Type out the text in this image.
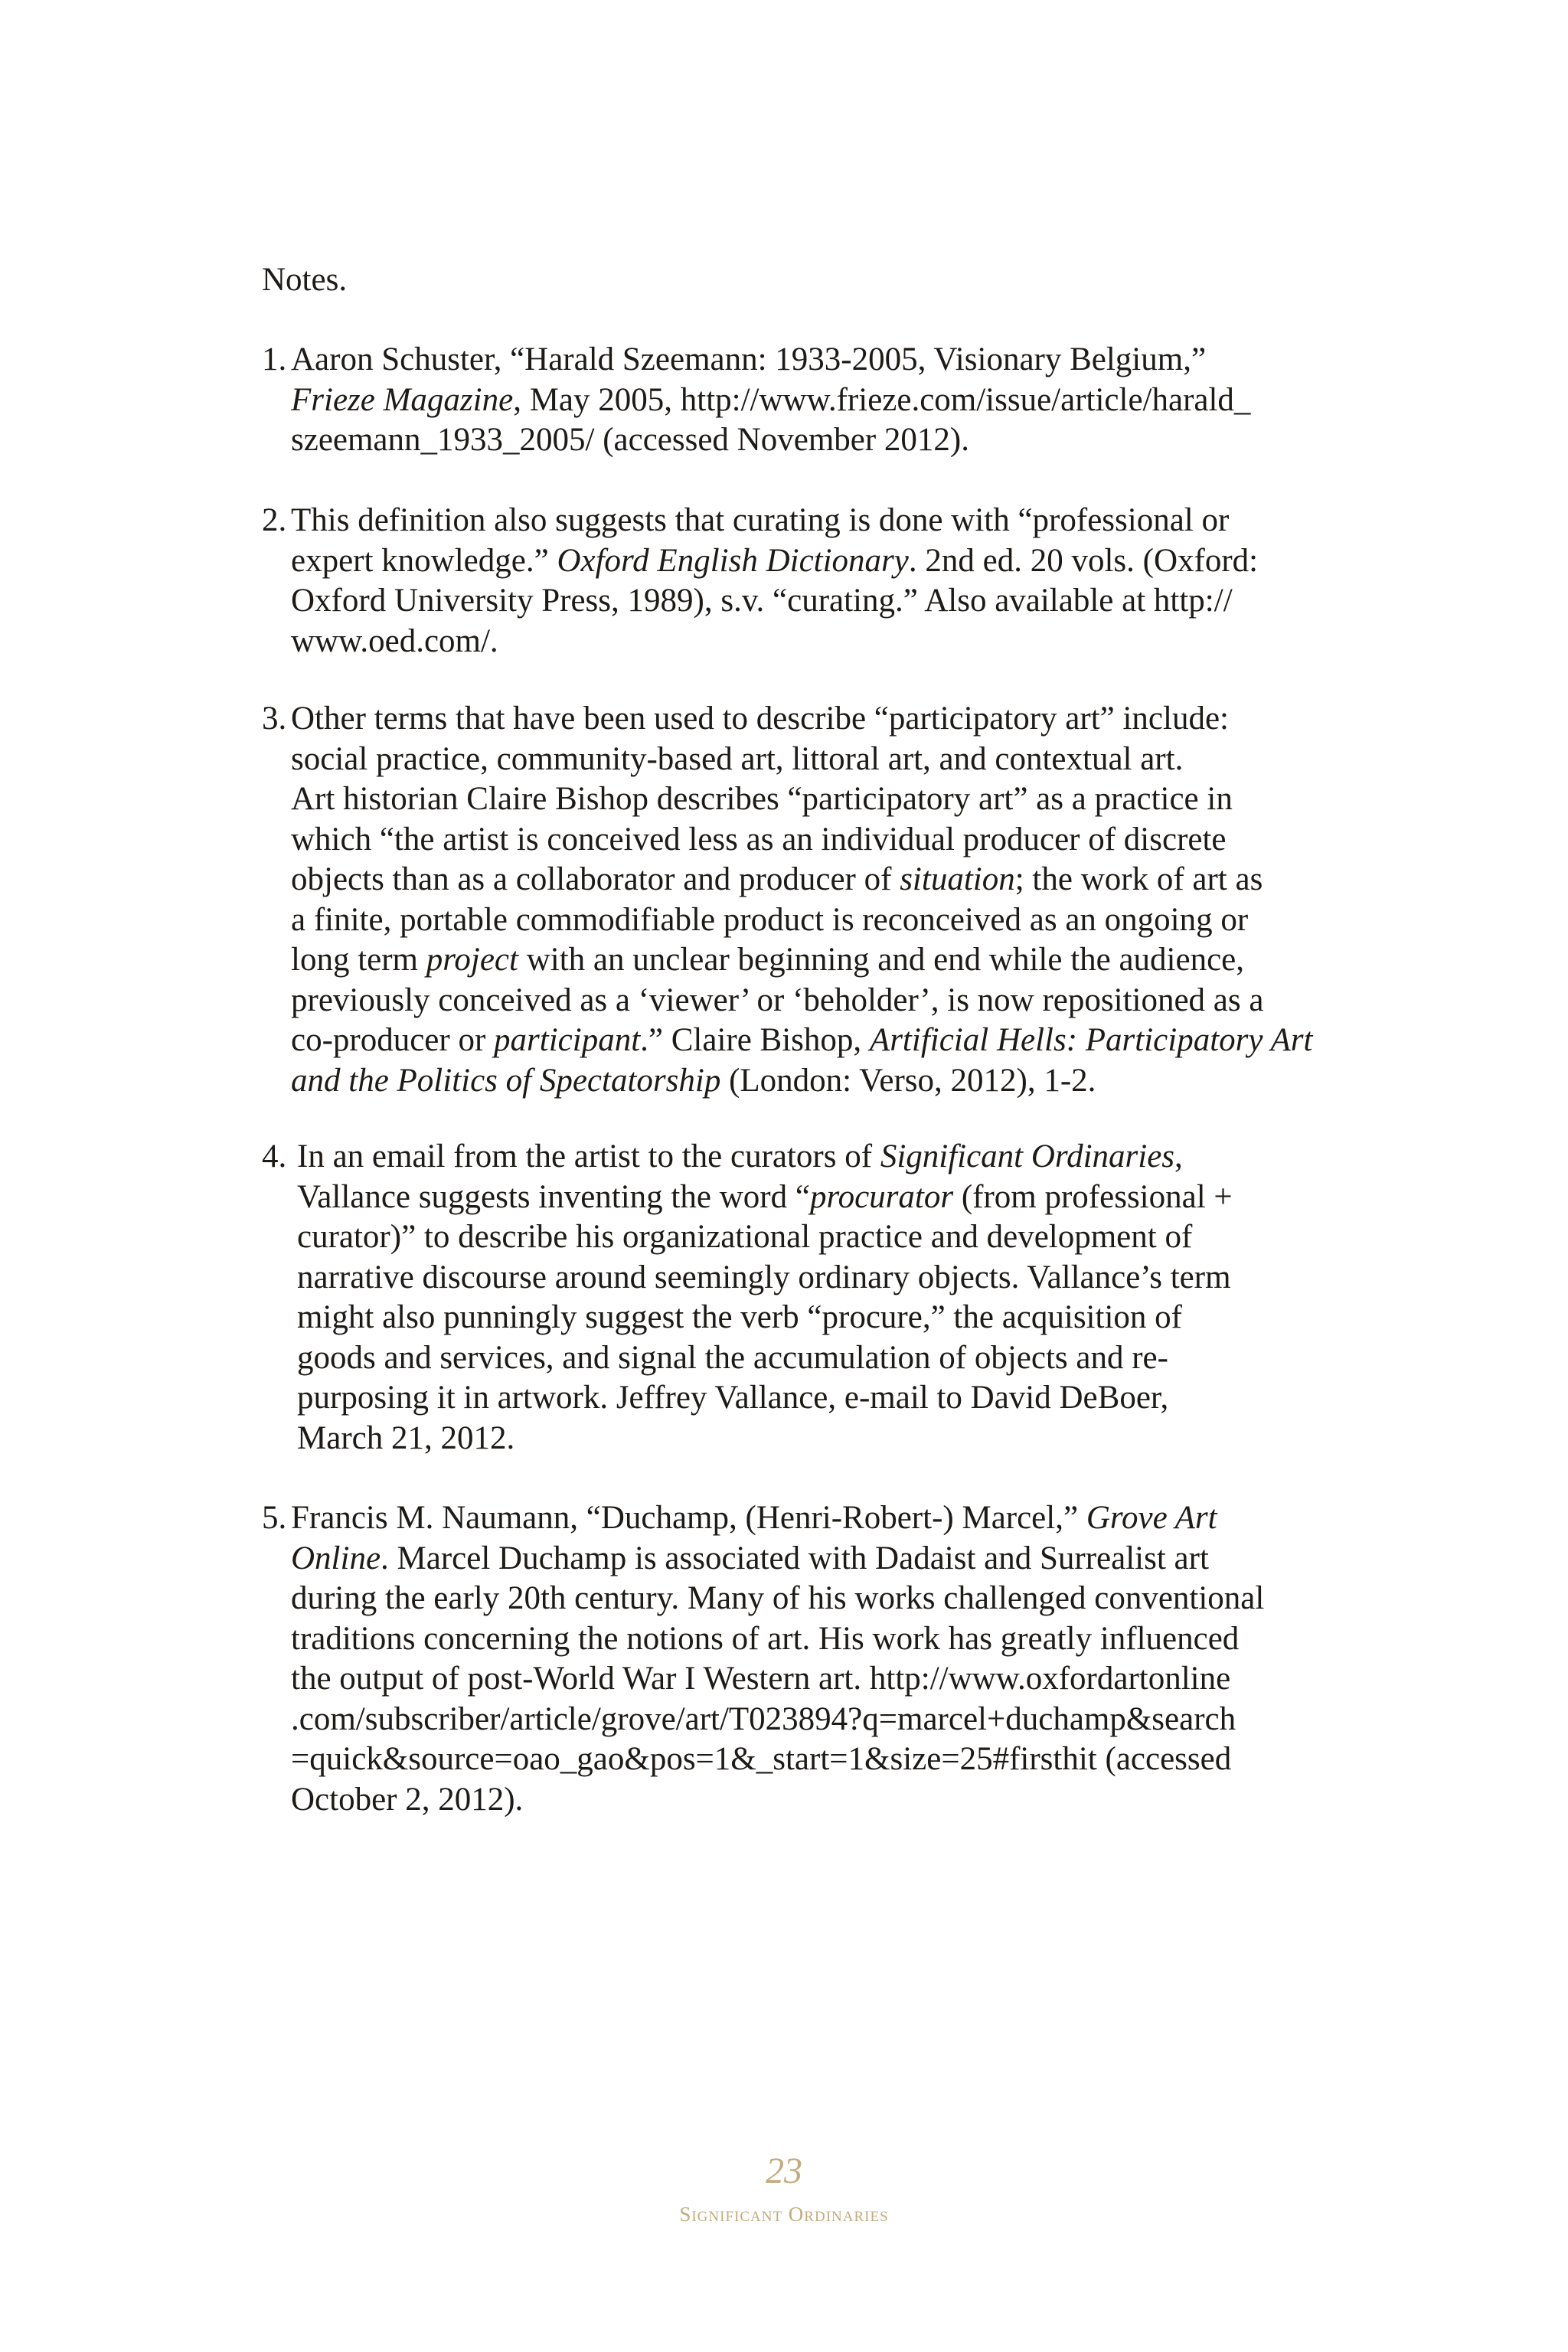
Notes.
1. Aaron Schuster, “Harald Szeemann: 1933-2005, Visionary Belgium,”
Frieze Magazine, May 2005, http://www.frieze.com/issue/article/harald_
szeemann_1933_2005/ (accessed November 2012).
2. This definition also suggests that curating is done with “professional or
expert knowledge.” Oxford English Dictionary. 2nd ed. 20 vols. (Oxford:
Oxford University Press, 1989), s.v. “curating.” Also available at http://
www.oed.com/.
3. Other terms that have been used to describe “participatory art” include:
social practice, community-based art, littoral art, and contextual art.
Art historian Claire Bishop describes “participatory art” as a practice in
which “the artist is conceived less as an individual producer of discrete
objects than as a collaborator and producer of situation; the work of art as
a finite, portable commodifiable product is reconceived as an ongoing or
long term project with an unclear beginning and end while the audience,
previously conceived as a ‘viewer’ or ‘beholder’, is now repositioned as a
co-producer or participant.” Claire Bishop, Artificial Hells: Participatory Art
and the Politics of Spectatorship (London: Verso, 2012), 1-2.
4. In an email from the artist to the curators of Significant Ordinaries,
Vallance suggests inventing the word “procurator (from professional +
curator)” to describe his organizational practice and development of
narrative discourse around seemingly ordinary objects. Vallance’s term
might also punningly suggest the verb “procure,” the acquisition of
goods and services, and signal the accumulation of objects and re-
purposing it in artwork. Jeffrey Vallance, e-mail to David DeBoer,
March 21, 2012.
5. Francis M. Naumann, “Duchamp, (Henri-Robert-) Marcel,” Grove Art
Online. Marcel Duchamp is associated with Dadaist and Surrealist art
during the early 20th century. Many of his works challenged conventional
traditions concerning the notions of art. His work has greatly influenced
the output of post-World War I Western art. http://www.oxfordartonline
.com/subscriber/article/grove/art/T023894?q=marcel+duchamp&search
=quick&source=oao_gao&pos=1&_start=1&size=25#firsthit (accessed
October 2, 2012).
23
Significant Ordinaries
